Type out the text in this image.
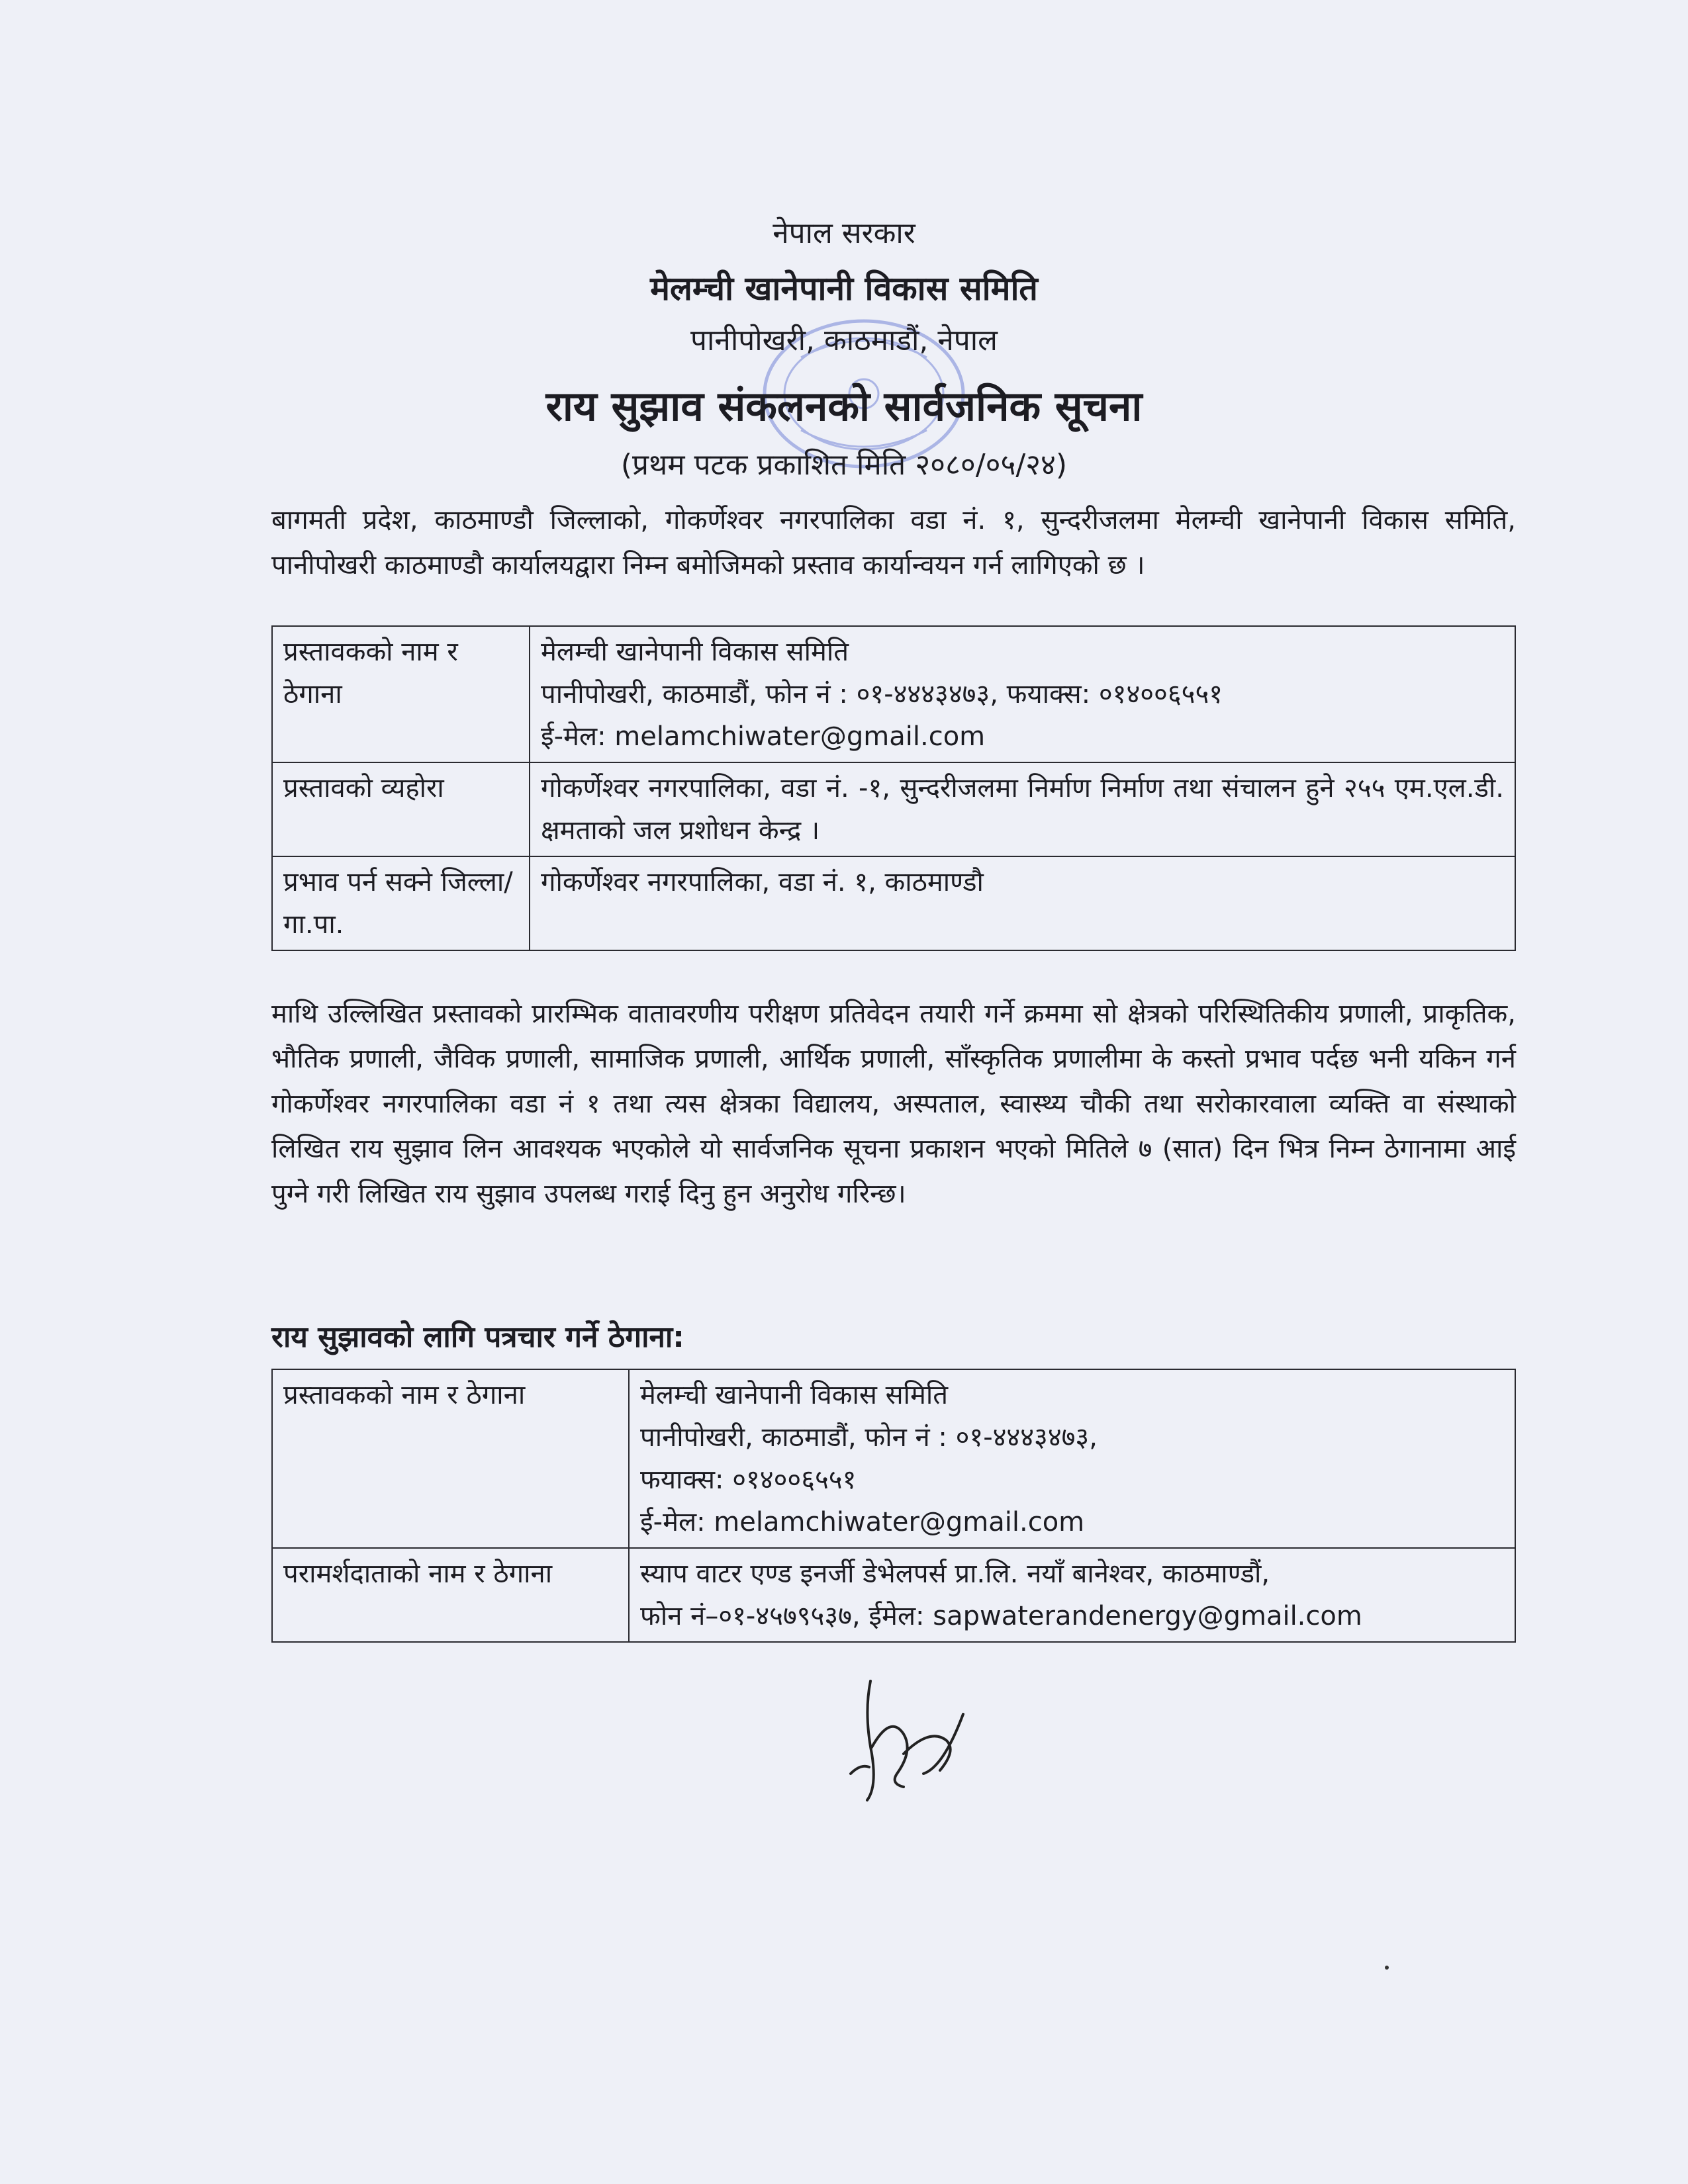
नेपाल सरकार
मेलम्ची खानेपानी विकास समिति
पानीपोखरी, काठमाडौं, नेपाल
राय सुझाव संकलनको सार्वजनिक सूचना
(प्रथम पटक प्रकाशित मिति २०८०/०५/२४)
बागमती प्रदेश, काठमाण्डौ जिल्लाको, गोकर्णेश्वर नगरपालिका वडा नं. १, सुन्दरीजलमा मेलम्ची खानेपानी विकास समिति, पानीपोखरी काठमाण्डौ कार्यालयद्वारा निम्न बमोजिमको प्रस्ताव कार्यान्वयन गर्न लागिएको छ ।
प्रस्तावकको नाम र ठेगाना	मेलम्ची खानेपानी विकास समिति
पानीपोखरी, काठमाडौं, फोन नं : ०१-४४४३४७३, फयाक्स: ०१४००६५५१
ई-मेल: melamchiwater@gmail.com

प्रस्तावको व्यहोरा	गोकर्णेश्वर नगरपालिका, वडा नं. -१, सुन्दरीजलमा निर्माण निर्माण तथा संचालन हुने २५५ एम.एल.डी. क्षमताको जल प्रशोधन केन्द्र ।
प्रभाव पर्न सक्ने जिल्ला/गा.पा.	गोकर्णेश्वर नगरपालिका, वडा नं. १, काठमाण्डौ
माथि उल्लिखित प्रस्तावको प्रारम्भिक वातावरणीय परीक्षण प्रतिवेदन तयारी गर्ने क्रममा सो क्षेत्रको परिस्थितिकीय प्रणाली, प्राकृतिक, भौतिक प्रणाली, जैविक प्रणाली, सामाजिक प्रणाली, आर्थिक प्रणाली, साँस्कृतिक प्रणालीमा के कस्तो प्रभाव पर्दछ भनी यकिन गर्न गोकर्णेश्वर नगरपालिका वडा नं १ तथा त्यस क्षेत्रका विद्यालय, अस्पताल, स्वास्थ्य चौकी तथा सरोकारवाला व्यक्ति वा संस्थाको लिखित राय सुझाव लिन आवश्यक भएकोले यो सार्वजनिक सूचना प्रकाशन भएको मितिले ७ (सात) दिन भित्र निम्न ठेगानामा आई पुग्ने गरी लिखित राय सुझाव उपलब्ध गराई दिनु हुन अनुरोध गरिन्छ।
राय सुझावको लागि पत्रचार गर्ने ठेगाना:
प्रस्तावकको नाम र ठेगाना	मेलम्ची खानेपानी विकास समिति
पानीपोखरी, काठमाडौं, फोन नं : ०१-४४४३४७३,
फयाक्स: ०१४००६५५१
ई-मेल: melamchiwater@gmail.com

परामर्शदाताको नाम र ठेगाना	स्याप वाटर एण्ड इनर्जी डेभेलपर्स प्रा.लि. नयाँ बानेश्वर, काठमाण्डौं,
फोन नं–०१-४५७९५३७, ईमेल: sapwaterandenergy@gmail.com
